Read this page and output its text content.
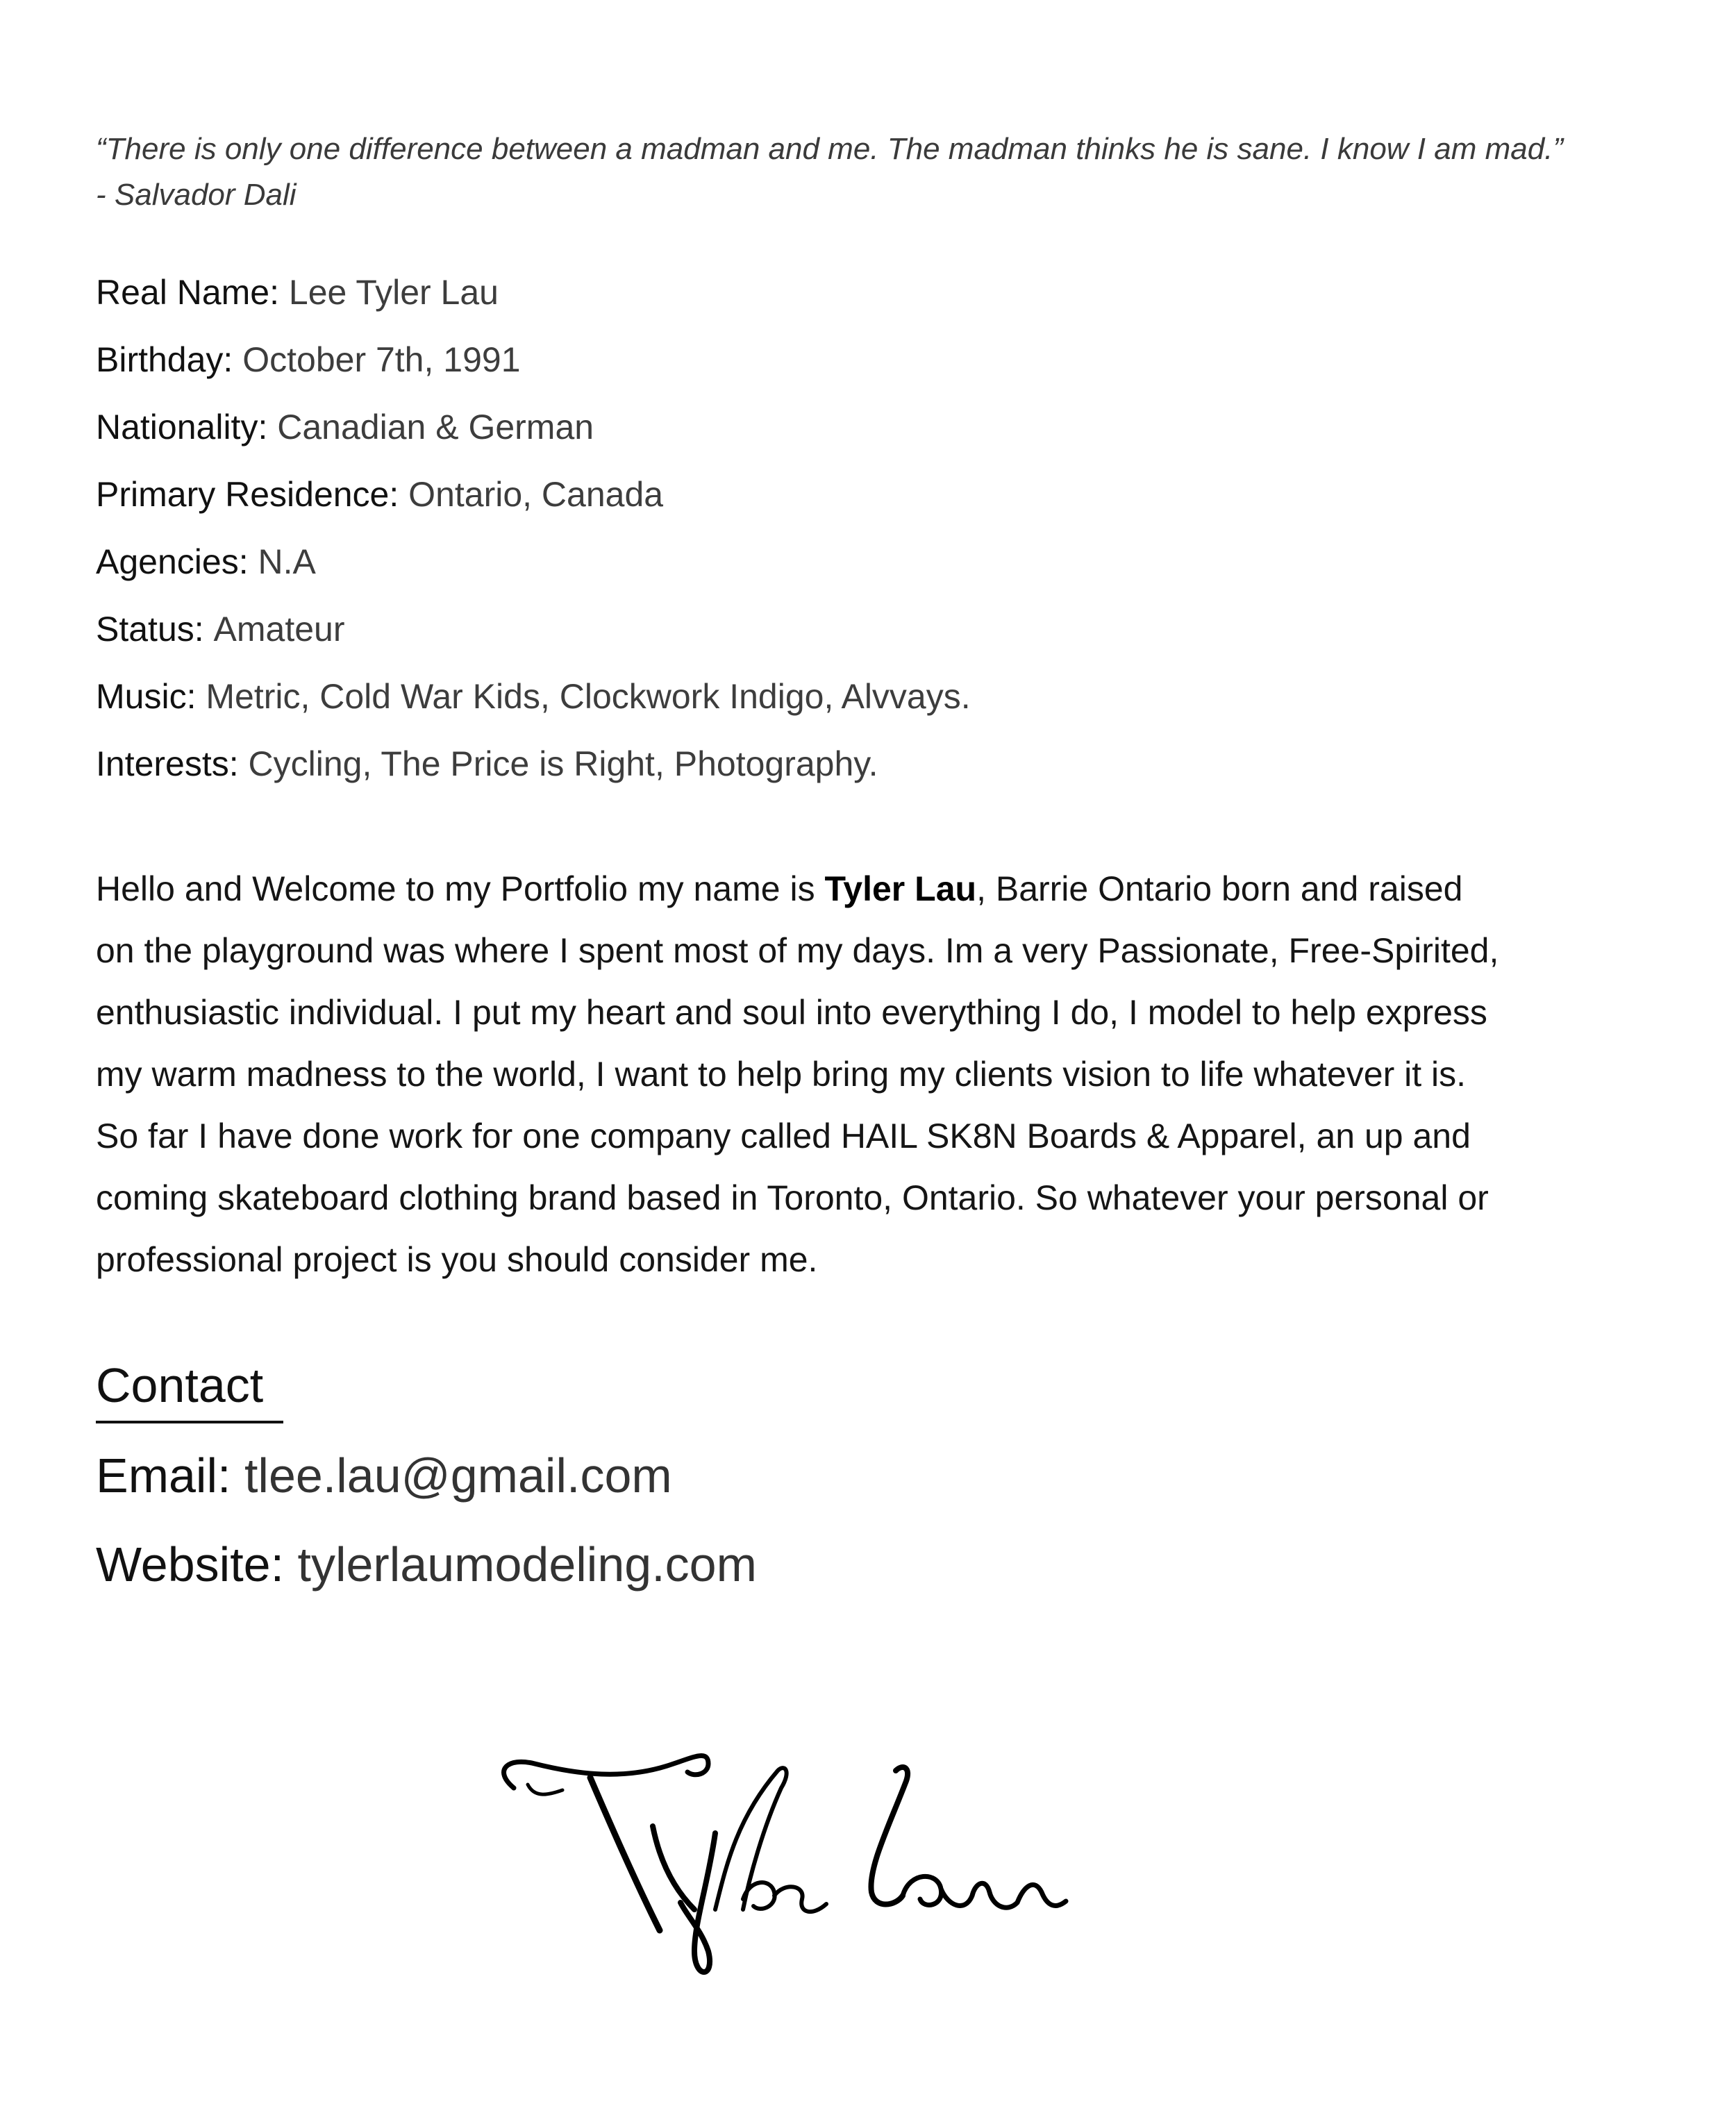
“There is only one difference between a madman and me. The madman thinks he is sane. I know I am mad.”
- Salvador Dali
Real Name: Lee Tyler Lau
Birthday: October 7th, 1991
Nationality: Canadian & German
Primary Residence: Ontario, Canada
Agencies: N.A
Status: Amateur
Music: Metric, Cold War Kids, Clockwork Indigo, Alvvays.
Interests: Cycling, The Price is Right, Photography.
Hello and Welcome to my Portfolio my name is Tyler Lau, Barrie Ontario born and raised
on the playground was where I spent most of my days. Im a very Passionate, Free-Spirited,
enthusiastic individual. I put my heart and soul into everything I do, I model to help express
my warm madness to the world, I want to help bring my clients vision to life whatever it is.
So far I have done work for one company called HAIL SK8N Boards & Apparel, an up and
coming skateboard clothing brand based in Toronto, Ontario. So whatever your personal or
professional project is you should consider me.
Contact
Email: tlee.lau@gmail.com
Website: tylerlaumodeling.com
